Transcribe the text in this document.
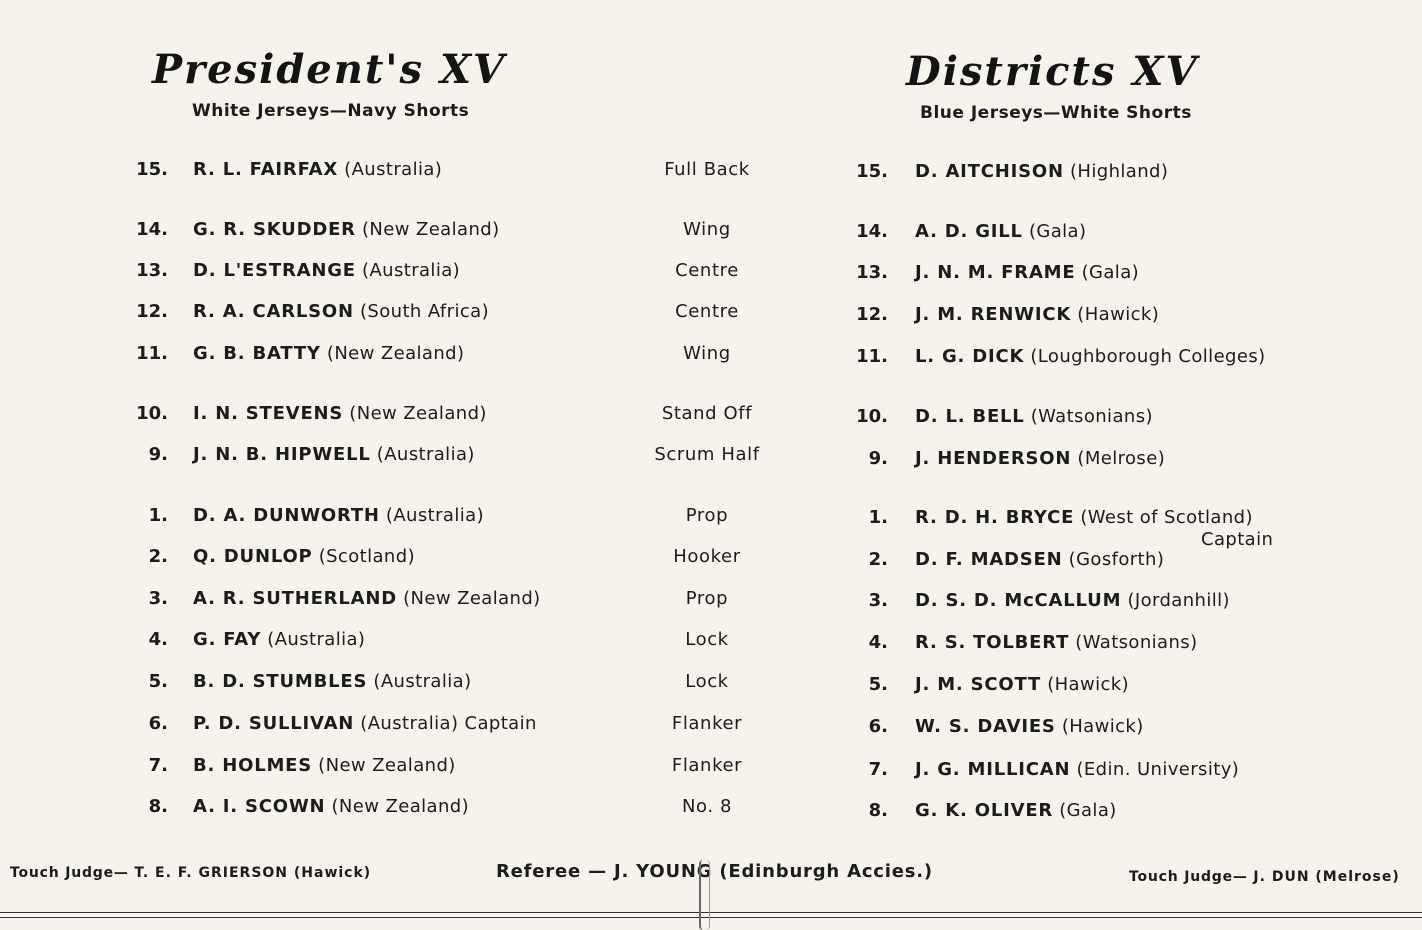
President's XV
White Jerseys—Navy Shorts
Districts XV
Blue Jerseys—White Shorts
15. R. L. FAIRFAX (Australia)
14. G. R. SKUDDER (New Zealand)
13. D. L'ESTRANGE (Australia)
12. R. A. CARLSON (South Africa)
11. G. B. BATTY (New Zealand)
10. I. N. STEVENS (New Zealand)
9. J. N. B. HIPWELL (Australia)
1. D. A. DUNWORTH (Australia)
2. Q. DUNLOP (Scotland)
3. A. R. SUTHERLAND (New Zealand)
4. G. FAY (Australia)
5. B. D. STUMBLES (Australia)
6. P. D. SULLIVAN (Australia) Captain
7. B. HOLMES (New Zealand)
8. A. I. SCOWN (New Zealand)
Full Back
Wing
Centre
Centre
Wing
Stand Off
Scrum Half
Prop
Hooker
Prop
Lock
Lock
Flanker
Flanker
No. 8
15. D. AITCHISON (Highland)
14. A. D. GILL (Gala)
13. J. N. M. FRAME (Gala)
12. J. M. RENWICK (Hawick)
11. L. G. DICK (Loughborough Colleges)
10. D. L. BELL (Watsonians)
9. J. HENDERSON (Melrose)
1. R. D. H. BRYCE (West of Scotland)
2. D. F. MADSEN (Gosforth)
3. D. S. D. McCALLUM (Jordanhill)
4. R. S. TOLBERT (Watsonians)
5. J. M. SCOTT (Hawick)
6. W. S. DAVIES (Hawick)
7. J. G. MILLICAN (Edin. University)
8. G. K. OLIVER (Gala)
Captain
Touch Judge— T. E. F. GRIERSON (Hawick)	Referee — J. YOUNG (Edinburgh Accies.)	Touch Judge— J. DUN (Melrose)
